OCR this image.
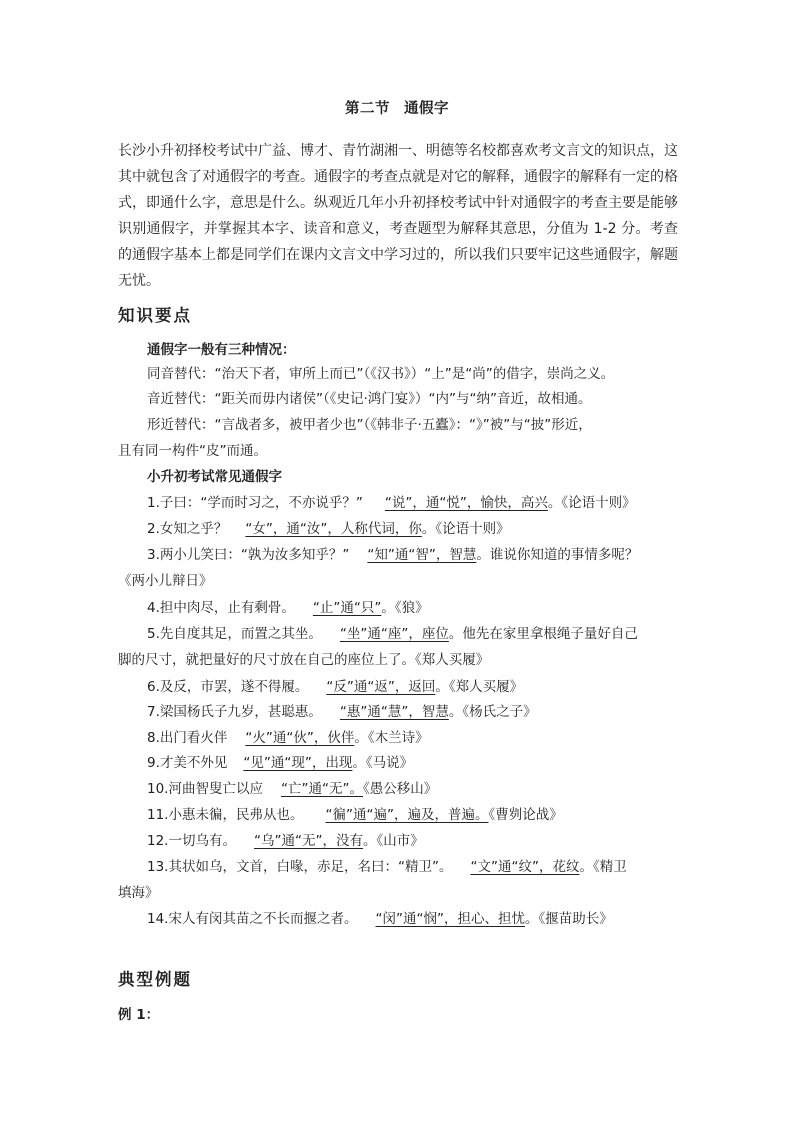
第二节 通假字
长沙小升初择校考试中广益、博才、青竹湖湘一、明德等名校都喜欢考文言文的知识点，这其中就包含了对通假字的考查。通假字的考查点就是对它的解释，通假字的解释有一定的格式，即通什么字，意思是什么。纵观近几年小升初择校考试中针对通假字的考查主要是能够识别通假字，并掌握其本字、读音和意义，考查题型为解释其意思，分值为 1-2 分。考查的通假字基本上都是同学们在课内文言文中学习过的，所以我们只要牢记这些通假字，解题无忧。
知识要点
通假字一般有三种情况：
同音替代：“治天下者，审所上而已”（《汉书》）“上”是“尚”的借字，崇尚之义。
音近替代：“距关而毋内诸侯”（《史记·鸿门宴》）“内”与“纳”音近，故相通。
形近替代：“言战者多，被甲者少也”（《韩非子·五蠹》：“》”被”与“披”形近，
且有同一构件“皮”而通。
小升初考试常见通假字
1.子曰：“学而时习之，不亦说乎？” “说”，通“悦”，愉快，高兴。《论语十则》
2.女知之乎？ “女”，通“汝”，人称代词，你。《论语十则》
3.两小儿笑曰：“孰为汝多知乎？” “知”通“智”，智慧。谁说你知道的事情多呢？
《两小儿辩日》
4.担中肉尽，止有剩骨。 “止”通“只”。《狼》
5.先自度其足，而置之其坐。 “坐”通“座”，座位。他先在家里拿根绳子量好自己
脚的尺寸，就把量好的尺寸放在自己的座位上了。《郑人买履》
6.及反，市罢，遂不得履。 “反”通“返”，返回。《郑人买履》
7.梁国杨氏子九岁，甚聪惠。 “惠”通“慧”，智慧。《杨氏之子》
8.出门看火伴 “火”通“伙”，伙伴。《木兰诗》
9.才美不外见 “见”通“现”，出现。《马说》
10.河曲智叟亡以应 “亡”通“无”。《愚公移山》
11.小惠未徧，民弗从也。 “徧”通“遍”，遍及，普遍。《曹刿论战》
12.一切乌有。 “乌”通“无”，没有。《山市》
13.其状如乌，文首，白喙，赤足，名曰：“精卫”。 “文”通“纹”，花纹。《精卫
填海》
14.宋人有闵其苗之不长而揠之者。 “闵”通“悯”，担心、担忧。《揠苗助长》
典型例题
例 1：
